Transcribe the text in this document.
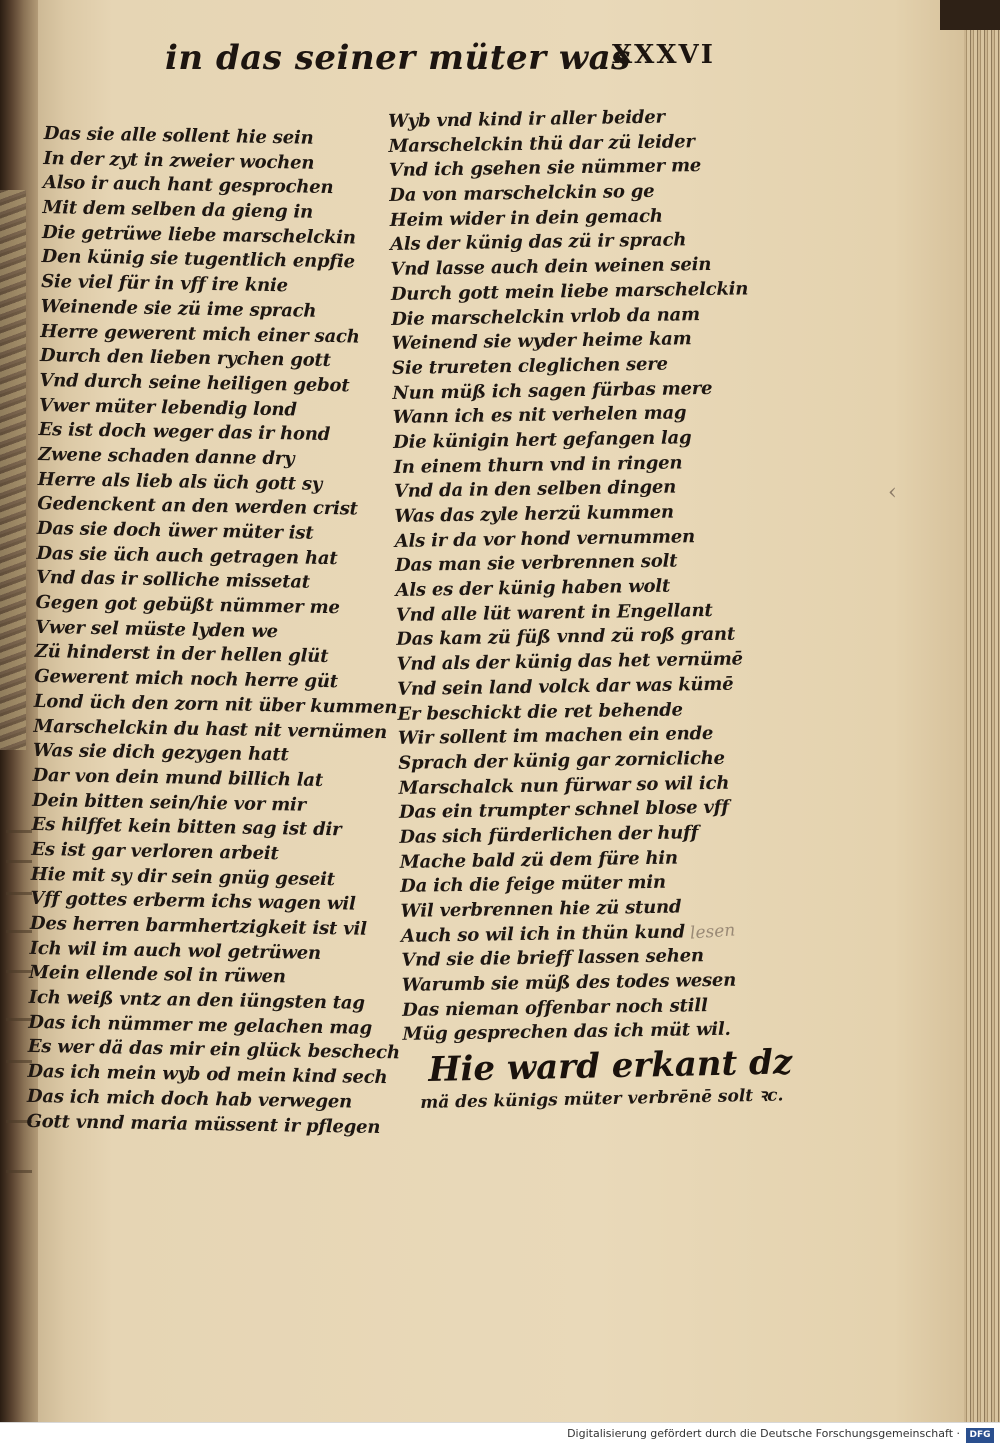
in das seiner müter was
XXXVI
Das sie alle sollent hie sein
In der zyt in zweier wochen
Also ir auch hant gesprochen
Mit dem selben da gieng in
Die getrüwe liebe marschelckin
Den künig sie tugentlich enpfie
Sie viel für in vff ire knie
Weinende sie zü ime sprach
Herre gewerent mich einer sach
Durch den lieben rychen gott
Vnd durch seine heiligen gebot
Vwer müter lebendig lond
Es ist doch weger das ir hond
Zwene schaden danne dry
Herre als lieb als üch gott sy
Gedenckent an den werden crist
Das sie doch üwer müter ist
Das sie üch auch getragen hat
Vnd das ir solliche missetat
Gegen got gebüßt nümmer me
Vwer sel müste lyden we
Zü hinderst in der hellen glüt
Gewerent mich noch herre güt
Lond üch den zorn nit über kummen
Marschelckin du hast nit vernümen
Was sie dich gezygen hatt
Dar von dein mund billich lat
Dein bitten sein/hie vor mir
Es hilffet kein bitten sag ist dir
Es ist gar verloren arbeit
Hie mit sy dir sein gnüg geseit
Vff gottes erberm ichs wagen wil
Des herren barmhertzigkeit ist vil
Ich wil im auch wol getrüwen
Mein ellende sol in rüwen
Ich weiß vntz an den iüngsten tag
Das ich nümmer me gelachen mag
Es wer dä das mir ein glück beschech
Das ich mein wyb od mein kind sech
Das ich mich doch hab verwegen
Gott vnnd maria müssent ir pflegen
Wyb vnd kind ir aller beider
Marschelckin thü dar zü leider
Vnd ich gsehen sie nümmer me
Da von marschelckin so ge
Heim wider in dein gemach
Als der künig das zü ir sprach
Vnd lasse auch dein weinen sein
Durch gott mein liebe marschelckin
Die marschelckin vrlob da nam
Weinend sie wyder heime kam
Sie trureten cleglichen sere
Nun müß ich sagen fürbas mere
Wann ich es nit verhelen mag
Die künigin hert gefangen lag
In einem thurn vnd in ringen
Vnd da in den selben dingen
Was das zyle herzü kummen
Als ir da vor hond vernummen
Das man sie verbrennen solt
Als es der künig haben wolt
Vnd alle lüt warent in Engellant
Das kam zü füß vnnd zü roß grant
Vnd als der künig das het vernümē
Vnd sein land volck dar was kümē
Er beschickt die ret behende
Wir sollent im machen ein ende
Sprach der künig gar zornicliche
Marschalck nun fürwar so wil ich
Das ein trumpter schnel blose vff
Das sich fürderlichen der huff
Mache bald zü dem füre hin
Da ich die feige müter min
Wil verbrennen hie zü stund
Auch so wil ich in thün kund
Vnd sie die brieff lassen sehen
Warumb sie müß des todes wesen
Das nieman offenbar noch still
Müg gesprechen das ich müt wil.
Hie ward erkant dz
mä des künigs müter verbrēnē solt ꝛc.
lesen
‹
Digitalisierung gefördert durch die Deutsche Forschungsgemeinschaft ·	DFG
